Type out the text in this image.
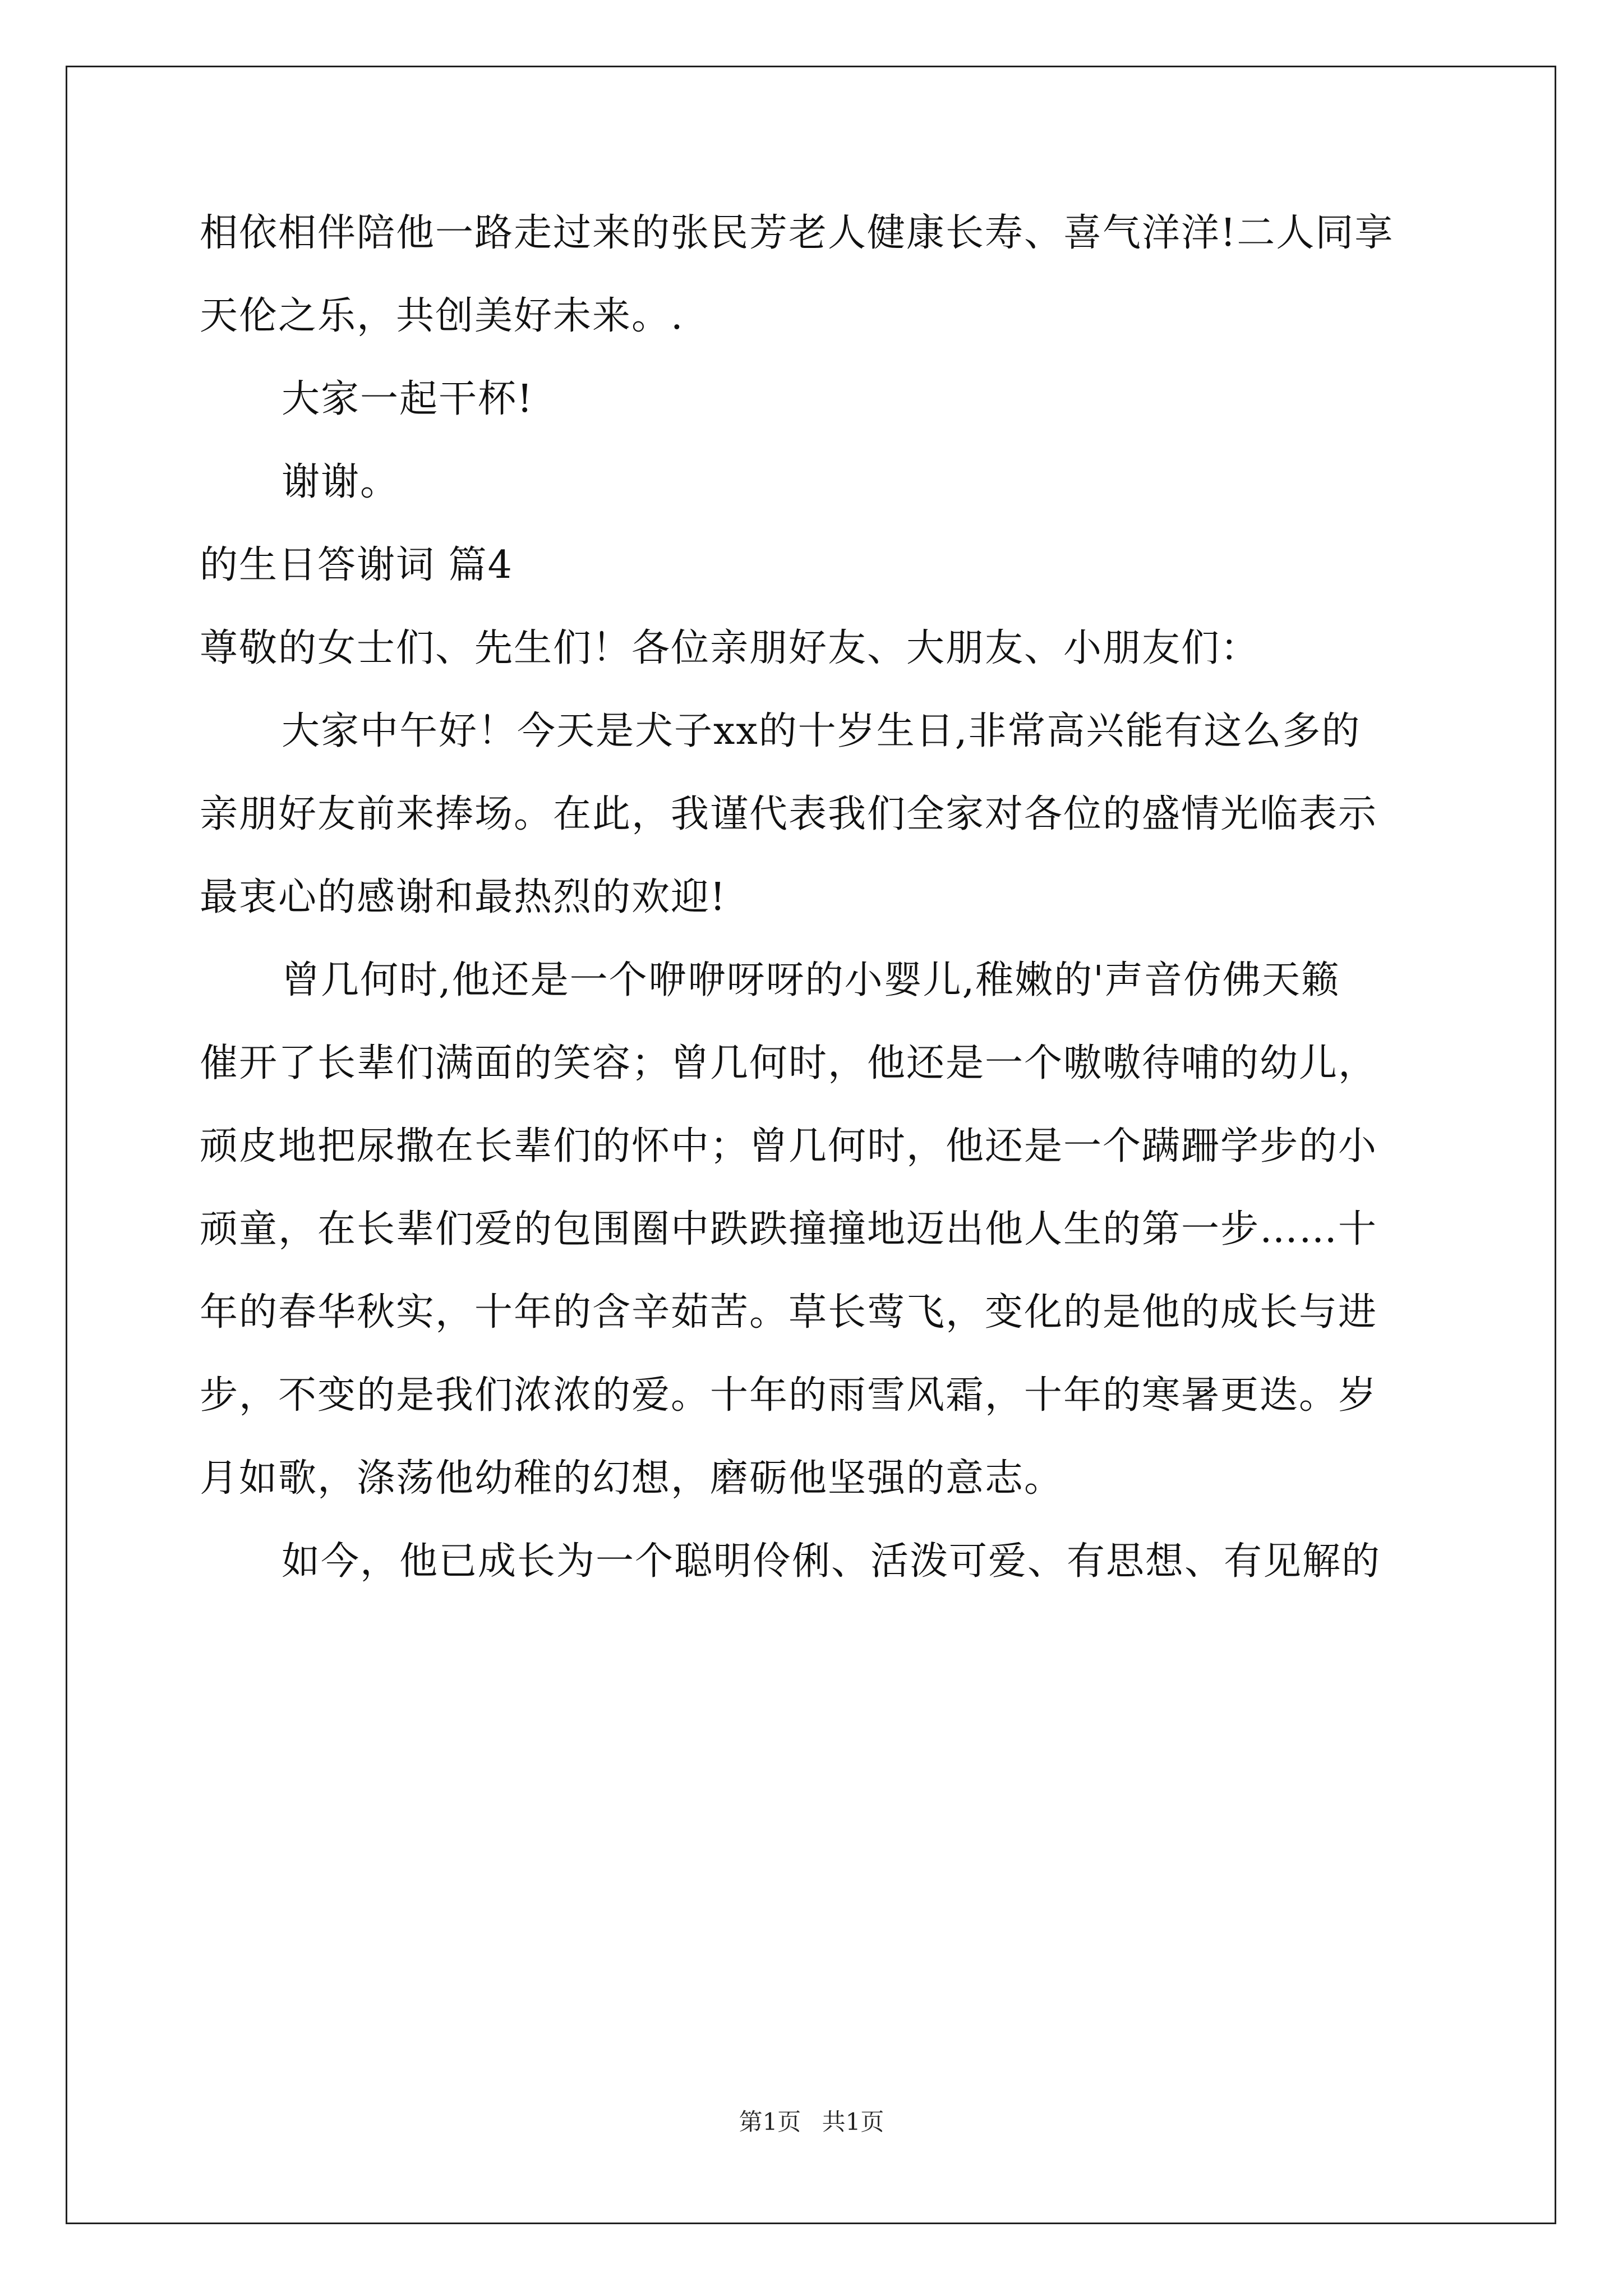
相依相伴陪他一路走过来的张民芳老人健康长寿、喜气洋洋!二人同享
天伦之乐，共创美好未来。.
大家一起干杯!
谢谢。
的生日答谢词 篇4
尊敬的女士们、先生们！各位亲朋好友、大朋友、小朋友们：
大家中午好！今天是犬子xx的十岁生日,非常高兴能有这么多的
亲朋好友前来捧场。在此，我谨代表我们全家对各位的盛情光临表示
最衷心的感谢和最热烈的欢迎!
曾几何时,他还是一个咿咿呀呀的小婴儿,稚嫩的'声音仿佛天籁
催开了长辈们满面的笑容；曾几何时，他还是一个嗷嗷待哺的幼儿，
顽皮地把尿撒在长辈们的怀中；曾几何时，他还是一个蹒跚学步的小
顽童，在长辈们爱的包围圈中跌跌撞撞地迈出他人生的第一步……十
年的春华秋实，十年的含辛茹苦。草长莺飞，变化的是他的成长与进
步，不变的是我们浓浓的爱。十年的雨雪风霜，十年的寒暑更迭。岁
月如歌，涤荡他幼稚的幻想，磨砺他坚强的意志。
如今，他已成长为一个聪明伶俐、活泼可爱、有思想、有见解的
第1页 共1页
